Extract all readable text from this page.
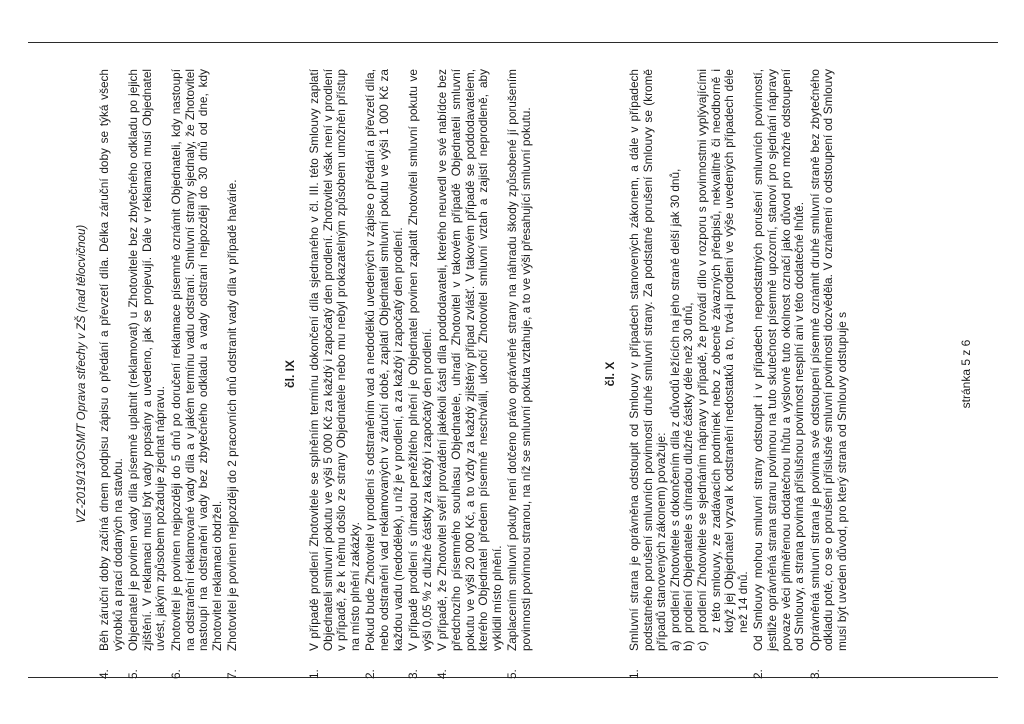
VZ-2019/13/OSM/T Oprava střechy v ZŠ (nad tělocvičnou)
4.
Běh záruční doby začíná dnem podpisu zápisu o předání a převzetí díla. Délka záruční doby se týká všech výrobků a prací dodaných na stavbu.
5.
Objednatel je povinen vady díla písemně uplatnit (reklamovat) u Zhotovitele bez zbytečného odkladu po jejich zjištění. V reklamaci musí být vady popsány a uvedeno, jak se projevují. Dále v reklamaci musí Objednatel uvést, jakým způsobem požaduje zjednat nápravu.
6.
Zhotovitel je povinen nejpozději do 5 dnů po doručení reklamace písemně oznámit Objednateli, kdy nastoupí na odstranění reklamované vady díla a v jakém termínu vadu odstraní. Smluvní strany sjednaly, že Zhotovitel nastoupí na odstranění vady bez zbytečného odkladu a vady odstraní nejpozději do 30 dnů od dne, kdy Zhotovitel reklamaci obdržel.
7.
Zhotovitel je povinen nejpozději do 2 pracovních dnů odstranit vady díla v případě havárie.	čl. IX
1.
V případě prodlení Zhotovitele se splněním termínu dokončení díla sjednaného v čl. III. této Smlouvy zaplatí Objednateli smluvní pokutu ve výši 5 000 Kč za každý i započatý den prodlení. Zhotovitel však není v prodlení v případě, že k němu došlo ze strany Objednatele nebo mu nebyl prokazatelným způsobem umožněn přístup na místo plnění zakázky.
2.
Pokud bude Zhotovitel v prodlení s odstraněním vad a nedodělků uvedených v zápise o předání a převzetí díla, nebo odstranění vad reklamovaných v záruční době, zaplatí Objednateli smluvní pokutu ve výši 1 000 Kč za každou vadu (nedodělek), u níž je v prodlení, a za každý i započatý den prodlení.
3.
V případě prodlení s úhradou peněžitého plnění je Objednatel povinen zaplatit Zhotoviteli smluvní pokutu ve výši 0,05 % z dlužné částky za každý i započatý den prodlení.
4.
V případě, že Zhotovitel svěří provádění jakékoli části díla poddodavateli, kterého neuvedl ve své nabídce bez předchozího písemného souhlasu Objednatele, uhradí Zhotovitel v takovém případě Objednateli smluvní pokutu ve výši 20 000 Kč, a to vždy za každý zjištěný případ zvlášť. V takovém případě se poddodavatelem, kterého Objednatel předem písemně neschválil, ukončí Zhotovitel smluvní vztah a zajistí neprodleně, aby vyklidil místo plnění.
5.
Zaplacením smluvní pokuty není dotčeno právo oprávněné strany na náhradu škody způsobené jí porušením povinnosti povinnou stranou, na níž se smluvní pokuta vztahuje, a to ve výši přesahující smluvní pokutu.	čl. X
1.
Smluvní strana je oprávněna odstoupit od Smlouvy v případech stanovených zákonem, a dále v případech podstatného porušení smluvních povinností druhé smluvní strany. Za podstatné porušení Smlouvy se (kromě případů stanovených zákonem) považuje: a)
prodlení Zhotovitele s dokončením díla z důvodů ležících na jeho straně delší jak 30 dnů,
b)
prodlení Objednatele s úhradou dlužné částky déle než 30 dnů,
c)
prodlení Zhotovitele se sjednáním nápravy v případě, že provádí dílo v rozporu s povinnostmi vyplývajícími z této smlouvy, ze zadávacích podmínek nebo z obecně závazných předpisů, nekvalitně či neodborně i když jej Objednatel vyzval k odstranění nedostatků a to, trvá-li prodlení ve výše uvedených případech déle než 14 dnů.
2.
Od Smlouvy mohou smluvní strany odstoupit i v případech nepodstatných porušení smluvních povinností, jestliže oprávněná strana stranu povinnou na tuto skutečnost písemně upozorní, stanoví pro sjednání nápravy povaze věci přiměřenou dodatečnou lhůtu a výslovně tuto okolnost označí jako důvod pro možné odstoupení od Smlouvy, a strana povinná příslušnou povinnost nesplní ani v této dodatečné lhůtě.
3.
Oprávněná smluvní strana je povinna své odstoupení písemně oznámit druhé smluvní straně bez zbytečného odkladu poté, co se o porušení příslušné smluvní povinnosti dozvěděla. V oznámení o odstoupení od Smlouvy musí být uveden důvod, pro který strana od Smlouvy odstupuje s	stránka 5 z 6
